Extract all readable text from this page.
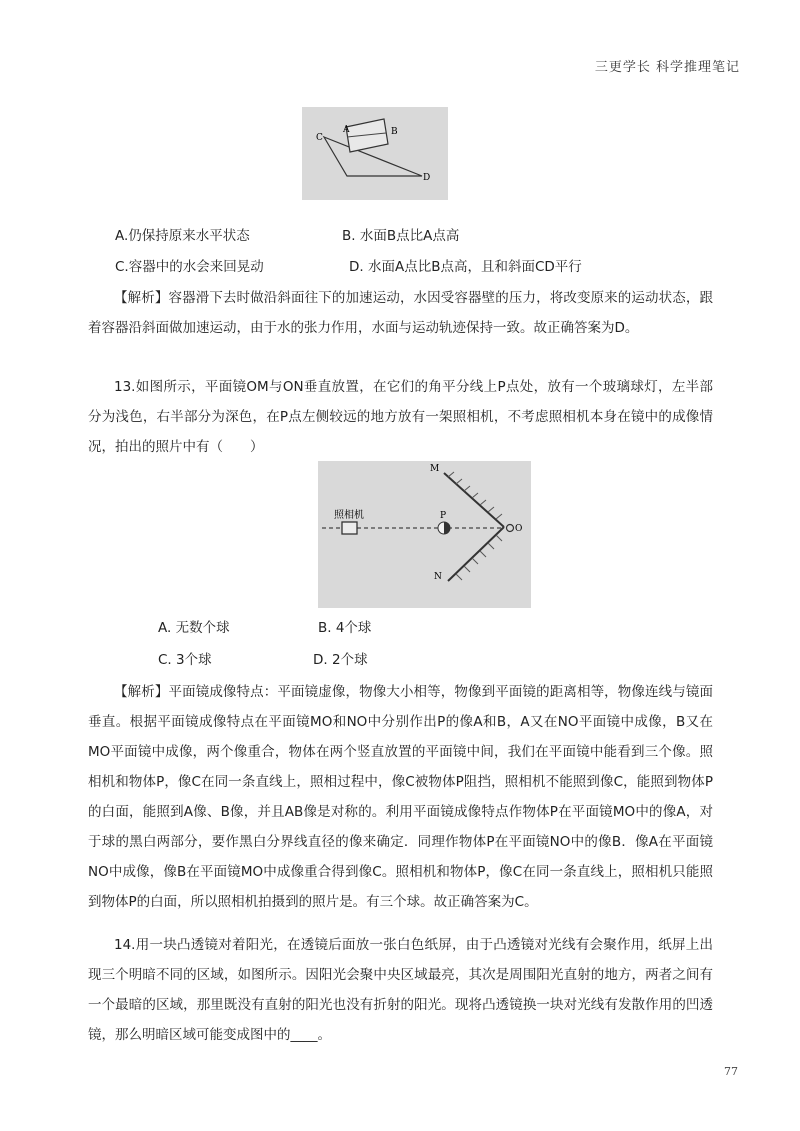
三更学长 科学推理笔记
C
A	B
D
A.仍保持原来水平状态	B. 水面B点比A点高
C.容器中的水会来回晃动	D. 水面A点比B点高，且和斜面CD平行
【解析】容器滑下去时做沿斜面往下的加速运动，水因受容器壁的压力，将改变原来的运动状态，跟着容器沿斜面做加速运动，由于水的张力作用，水面与运动轨迹保持一致。故正确答案为D。
13.如图所示，平面镜OM与ON垂直放置，在它们的角平分线上P点处，放有一个玻璃球灯，左半部分为浅色，右半部分为深色，在P点左侧较远的地方放有一架照相机，不考虑照相机本身在镜中的成像情况，拍出的照片中有（　　）
照相机
M
P
O
N
A. 无数个球	B. 4个球
C. 3个球	D. 2个球
【解析】平面镜成像特点：平面镜虚像，物像大小相等，物像到平面镜的距离相等，物像连线与镜面垂直。根据平面镜成像特点在平面镜MO和NO中分别作出P的像A和B，A又在NO平面镜中成像，B又在MO平面镜中成像，两个像重合，物体在两个竖直放置的平面镜中间，我们在平面镜中能看到三个像。照相机和物体P，像C在同一条直线上，照相过程中，像C被物体P阻挡，照相机不能照到像C，能照到物体P的白面，能照到A像、B像，并且AB像是对称的。利用平面镜成像特点作物体P在平面镜MO中的像A，对于球的黑白两部分，要作黑白分界线直径的像来确定．同理作物体P在平面镜NO中的像B．像A在平面镜NO中成像，像B在平面镜MO中成像重合得到像C。照相机和物体P，像C在同一条直线上，照相机只能照到物体P的白面，所以照相机拍摄到的照片是。有三个球。故正确答案为C。
14.用一块凸透镜对着阳光，在透镜后面放一张白色纸屏，由于凸透镜对光线有会聚作用，纸屏上出现三个明暗不同的区域，如图所示。因阳光会聚中央区域最亮，其次是周围阳光直射的地方，两者之间有一个最暗的区域，那里既没有直射的阳光也没有折射的阳光。现将凸透镜换一块对光线有发散作用的凹透镜，那么明暗区域可能变成图中的____。
77
